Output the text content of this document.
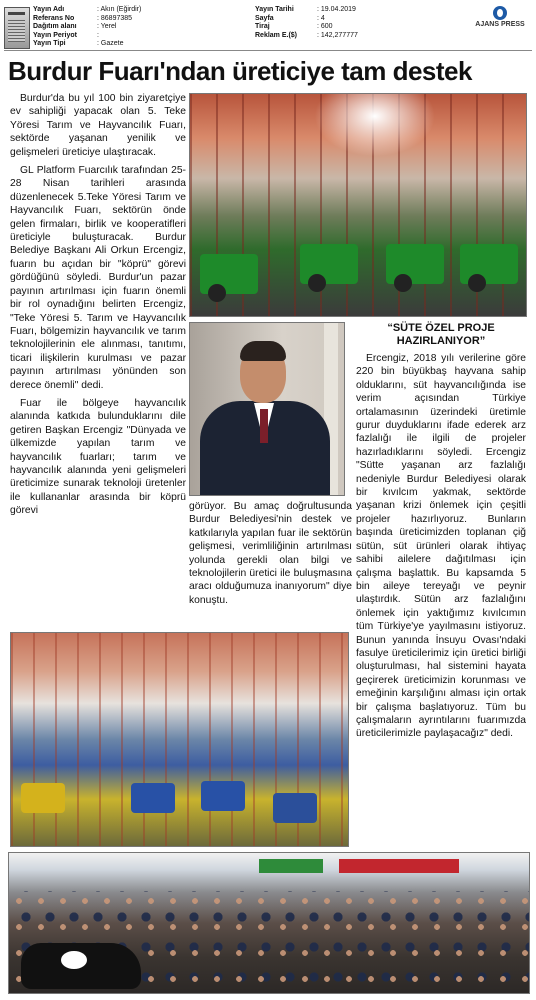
Yayın Adı	: Akın (Eğirdir)
Referans No	: 86897385
Dağıtım alanı	: Yerel
Yayın Periyot	:
Yayın Tipi	: Gazete
Yayın Tarihi	: 19.04.2019
Sayfa	: 4
Tiraj	: 600
Reklam E.($)	: 142,277777
AJANS PRESS
Burdur Fuarı'ndan üreticiye tam destek

Burdur'da bu yıl 100 bin ziyaretçiye ev sahipliği yapacak olan 5. Teke Yöresi Tarım ve Hayvancılık Fuarı, sektörde yaşanan yenilik ve gelişmeleri üreticiye ulaştıracak.

GL Platform Fuarcılık tarafından 25-28 Nisan tarihleri arasında düzenlenecek 5.Teke Yöresi Tarım ve Hayvancılık Fuarı, sektörün önde gelen firmaları, birlik ve kooperatifleri üreticiyle buluşturacak. Burdur Belediye Başkanı Ali Orkun Ercengiz, fuarın bu açıdan bir "köprü" görevi gördüğünü söyledi. Burdur'un pazar payının artırılması için fuarın önemli bir rol oynadığını belirten Ercengiz, "Teke Yöresi 5. Tarım ve Hayvancılık Fuarı, bölgemizin hayvancılık ve tarım teknolojilerinin ele alınması, tanıtımı, ticari ilişkilerin kurulması ve pazar payının artırılması yönünden son derece önemli" dedi.

Fuar ile bölgeye hayvancılık alanında katkıda bulunduklarını dile getiren Başkan Ercengiz "Dünyada ve ülkemizde yapılan tarım ve hayvancılık fuarları; tarım ve hayvancılık alanında yeni gelişmeleri üreticimize sunarak teknoloji üretenler ile kullananlar arasında bir köprü görevi	görüyor. Bu amaç doğrultusunda Burdur Belediyesi'nin destek ve katkılarıyla yapılan fuar ile sektörün gelişmesi, verimliliğinin artırılması yolunda gerekli olan bilgi ve teknolojilerin üretici ile buluşmasına aracı olduğumuza inanıyorum" diye konuştu.

“SÜTE ÖZEL PROJE HAZIRLANIYOR”

Ercengiz, 2018 yılı verilerine göre 220 bin büyükbaş hayvana sahip olduklarını, süt hayvancılığında ise verim açısından Türkiye ortalamasının üzerindeki üretimle gurur duyduklarını ifade ederek arz fazlalığı ile ilgili de projeler hazırladıklarını söyledi. Ercengiz "Sütte yaşanan arz fazlalığı nedeniyle Burdur Belediyesi olarak bir kıvılcım yakmak, sektörde yaşanan krizi önlemek için çeşitli projeler hazırlıyoruz. Bunların başında üreticimizden toplanan çiğ sütün, süt ürünleri olarak ihtiyaç sahibi ailelere dağıtılması için çalışma başlattık. Bu kapsamda 5 bin aileye tereyağı ve peynir ulaştırdık. Sütün arz fazlalığını önlemek için yaktığımız kıvılcımın tüm Türkiye'ye yayılmasını istiyoruz. Bunun yanında İnsuyu Ovası'ndaki fasulye üreticilerimiz için üretici birliği oluşturulması, hal sistemini hayata geçirerek üreticimizin korunması ve emeğinin karşılığını alması için ortak bir çalışma başlatıyoruz. Tüm bu çalışmaların ayrıntılarını fuarımızda üreticilerimizle paylaşacağız" dedi.
